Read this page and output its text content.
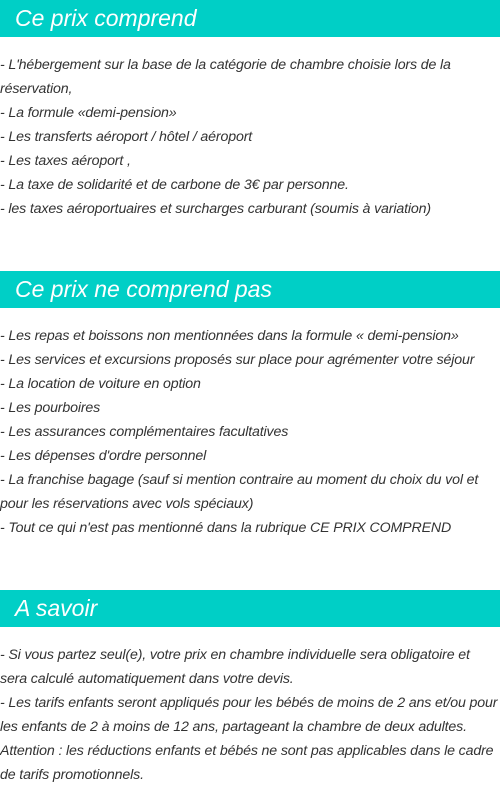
Ce prix comprend
- L'hébergement sur la base de la catégorie de chambre choisie lors de la
réservation,
- La formule «demi-pension»
- Les transferts aéroport / hôtel / aéroport
- Les taxes aéroport ,
- La taxe de solidarité et de carbone de 3€ par personne.
- les taxes aéroportuaires et surcharges carburant (soumis à variation)
Ce prix ne comprend pas
- Les repas et boissons non mentionnées dans la formule « demi-pension»
- Les services et excursions proposés sur place pour agrémenter votre séjour
- La location de voiture en option
- Les pourboires
- Les assurances complémentaires facultatives
- Les dépenses d'ordre personnel
- La franchise bagage (sauf si mention contraire au moment du choix du vol et
pour les réservations avec vols spéciaux)
- Tout ce qui n'est pas mentionné dans la rubrique CE PRIX COMPREND
A savoir
- Si vous partez seul(e), votre prix en chambre individuelle sera obligatoire et
sera calculé automatiquement dans votre devis.
- Les tarifs enfants seront appliqués pour les bébés de moins de 2 ans et/ou pour
les enfants de 2 à moins de 12 ans, partageant la chambre de deux adultes.
Attention : les réductions enfants et bébés ne sont pas applicables dans le cadre
de tarifs promotionnels.
